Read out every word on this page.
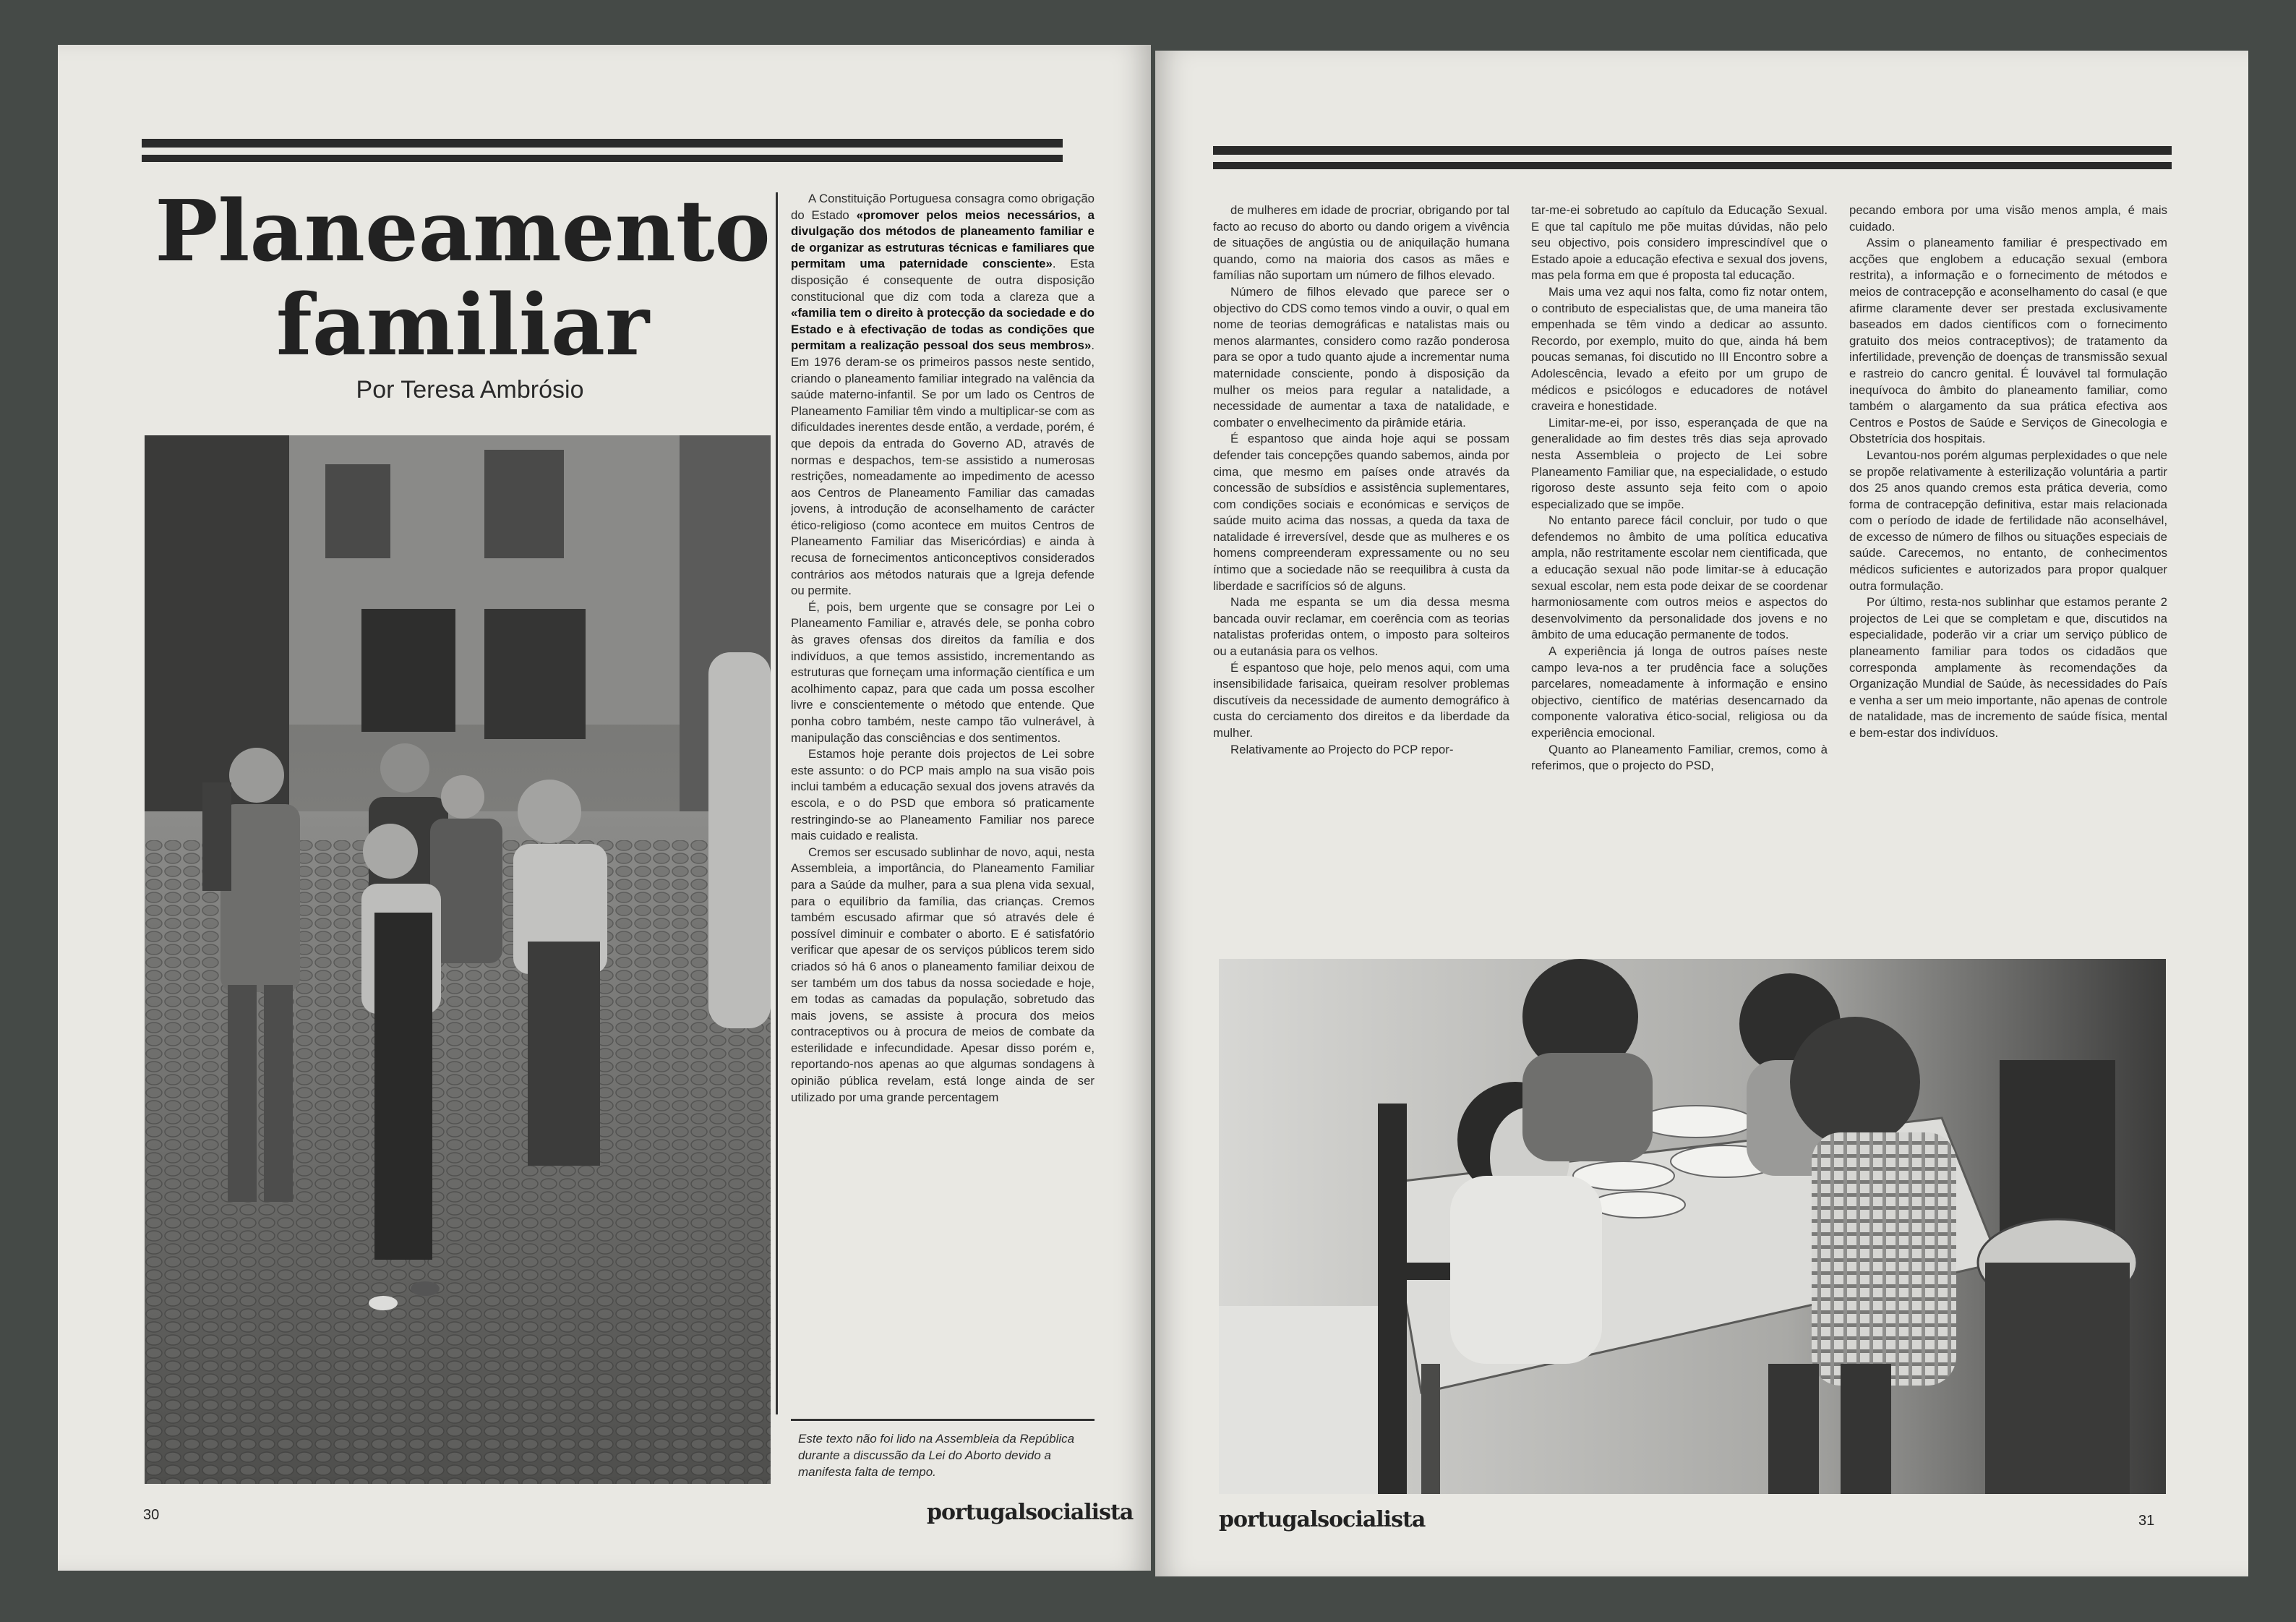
Planeamento
familiar
Por Teresa Ambrósio

A Constituição Portuguesa consagra como obrigação do Estado «promover pelos meios necessários, a divulgação dos métodos de planeamento familiar e de organizar as estruturas técnicas e familiares que permitam uma paternidade consciente». Esta disposição é consequente de outra disposição constitucional que diz com toda a clareza que a «familia tem o direito à protecção da sociedade e do Estado e à efectivação de todas as condições que permitam a realização pessoal dos seus membros». Em 1976 deram-se os primeiros passos neste sentido, criando o planeamento familiar integrado na valência da saúde materno-infantil. Se por um lado os Centros de Planeamento Familiar têm vindo a multiplicar-se com as dificuldades inerentes desde então, a verdade, porém, é que depois da entrada do Governo AD, através de normas e despachos, tem-se assistido a numerosas restrições, nomeadamente ao impedimento de acesso aos Centros de Planeamento Familiar das camadas jovens, à introdução de aconselhamento de carácter ético-religioso (como acontece em muitos Centros de Planeamento Familiar das Misericórdias) e ainda à recusa de fornecimentos anticonceptivos considerados contrários aos métodos naturais que a Igreja defende ou permite.

É, pois, bem urgente que se consagre por Lei o Planeamento Familiar e, através dele, se ponha cobro às graves ofensas dos direitos da família e dos indivíduos, a que temos assistido, incrementando as estruturas que forneçam uma informação científica e um acolhimento capaz, para que cada um possa escolher livre e conscientemente o método que entende. Que ponha cobro também, neste campo tão vulnerável, à manipulação das consciências e dos sentimentos.

Estamos hoje perante dois projectos de Lei sobre este assunto: o do PCP mais amplo na sua visão pois inclui também a educação sexual dos jovens através da escola, e o do PSD que embora só praticamente restringindo-se ao Planeamento Familiar nos parece mais cuidado e realista.

Cremos ser escusado sublinhar de novo, aqui, nesta Assembleia, a importância, do Planeamento Familiar para a Saúde da mulher, para a sua plena vida sexual, para o equilíbrio da família, das crianças. Cremos também escusado afirmar que só através dele é possível diminuir e combater o aborto. E é satisfatório verificar que apesar de os serviços públicos terem sido criados só há 6 anos o planeamento familiar deixou de ser também um dos tabus da nossa sociedade e hoje, em todas as camadas da população, sobretudo das mais jovens, se assiste à procura dos meios contraceptivos ou à procura de meios de combate da esterilidade e infecundidade. Apesar disso porém e, reportando-nos apenas ao que algumas sondagens à opinião pública revelam, está longe ainda de ser utilizado por uma grande percentagem

Este texto não foi lido na Assembleia da República durante a discussão da Lei do Aborto devido a manifesta falta de tempo.
30	portugalsocialista

de mulheres em idade de procriar, obrigando por tal facto ao recuso do aborto ou dando origem a vivência de situações de angústia ou de aniquilação humana quando, como na maioria dos casos as mães e famílias não suportam um número de filhos elevado.

Número de filhos elevado que parece ser o objectivo do CDS como temos vindo a ouvir, o qual em nome de teorias demográficas e natalistas mais ou menos alarmantes, considero como razão ponderosa para se opor a tudo quanto ajude a incrementar numa maternidade consciente, pondo à disposição da mulher os meios para regular a natalidade, a necessidade de aumentar a taxa de natalidade, e combater o envelhecimento da pirâmide etária.

É espantoso que ainda hoje aqui se possam defender tais concepções quando sabemos, ainda por cima, que mesmo em países onde através da concessão de subsídios e assistência suplementares, com condições sociais e económicas e serviços de saúde muito acima das nossas, a queda da taxa de natalidade é irreversível, desde que as mulheres e os homens compreenderam expressamente ou no seu íntimo que a sociedade não se reequilibra à custa da liberdade e sacrifícios só de alguns.

Nada me espanta se um dia dessa mesma bancada ouvir reclamar, em coerência com as teorias natalistas proferidas ontem, o imposto para solteiros ou a eutanásia para os velhos.

É espantoso que hoje, pelo menos aqui, com uma insensibilidade farisaica, queiram resolver problemas discutíveis da necessidade de aumento demográfico à custa do cerciamento dos direitos e da liberdade da mulher.

Relativamente ao Projecto do PCP repor-

tar-me-ei sobretudo ao capítulo da Educação Sexual. E que tal capítulo me põe muitas dúvidas, não pelo seu objectivo, pois considero imprescindível que o Estado apoie a educação efectiva e sexual dos jovens, mas pela forma em que é proposta tal educação.

Mais uma vez aqui nos falta, como fiz notar ontem, o contributo de especialistas que, de uma maneira tão empenhada se têm vindo a dedicar ao assunto. Recordo, por exemplo, muito do que, ainda há bem poucas semanas, foi discutido no III Encontro sobre a Adolescência, levado a efeito por um grupo de médicos e psicólogos e educadores de notável craveira e honestidade.

Limitar-me-ei, por isso, esperançada de que na generalidade ao fim destes três dias seja aprovado nesta Assembleia o projecto de Lei sobre Planeamento Familiar que, na especialidade, o estudo rigoroso deste assunto seja feito com o apoio especializado que se impõe.

No entanto parece fácil concluir, por tudo o que defendemos no âmbito de uma política educativa ampla, não restritamente escolar nem cientificada, que a educação sexual não pode limitar-se à educação sexual escolar, nem esta pode deixar de se coordenar harmoniosamente com outros meios e aspectos do desenvolvimento da personalidade dos jovens e no âmbito de uma educação permanente de todos.

A experiência já longa de outros países neste campo leva-nos a ter prudência face a soluções parcelares, nomeadamente à informação e ensino objectivo, científico de matérias desencarnado da componente valorativa ético-social, religiosa ou da experiência emocional.

Quanto ao Planeamento Familiar, cremos, como à referimos, que o projecto do PSD,

pecando embora por uma visão menos ampla, é mais cuidado.

Assim o planeamento familiar é prespectivado em acções que englobem a educação sexual (embora restrita), a informação e o fornecimento de métodos e meios de contracepção e aconselhamento do casal (e que afirme claramente dever ser prestada exclusivamente baseados em dados científicos com o fornecimento gratuito dos meios contraceptivos); de tratamento da infertilidade, prevenção de doenças de transmissão sexual e rastreio do cancro genital. É louvável tal formulação inequívoca do âmbito do planeamento familiar, como também o alargamento da sua prática efectiva aos Centros e Postos de Saúde e Serviços de Ginecologia e Obstetrícia dos hospitais.

Levantou-nos porém algumas perplexidades o que nele se propõe relativamente à esterilização voluntária a partir dos 25 anos quando cremos esta prática deveria, como forma de contracepção definitiva, estar mais relacionada com o período de idade de fertilidade não aconselhável, de excesso de número de filhos ou situações especiais de saúde. Carecemos, no entanto, de conhecimentos médicos suficientes e autorizados para propor qualquer outra formulação.

Por último, resta-nos sublinhar que estamos perante 2 projectos de Lei que se completam e que, discutidos na especialidade, poderão vir a criar um serviço público de planeamento familiar para todos os cidadãos que corresponda amplamente às recomendações da Organização Mundial de Saúde, às necessidades do País e venha a ser um meio importante, não apenas de controle de natalidade, mas de incremento de saúde física, mental e bem-estar dos indivíduos.

portugalsocialista	31
